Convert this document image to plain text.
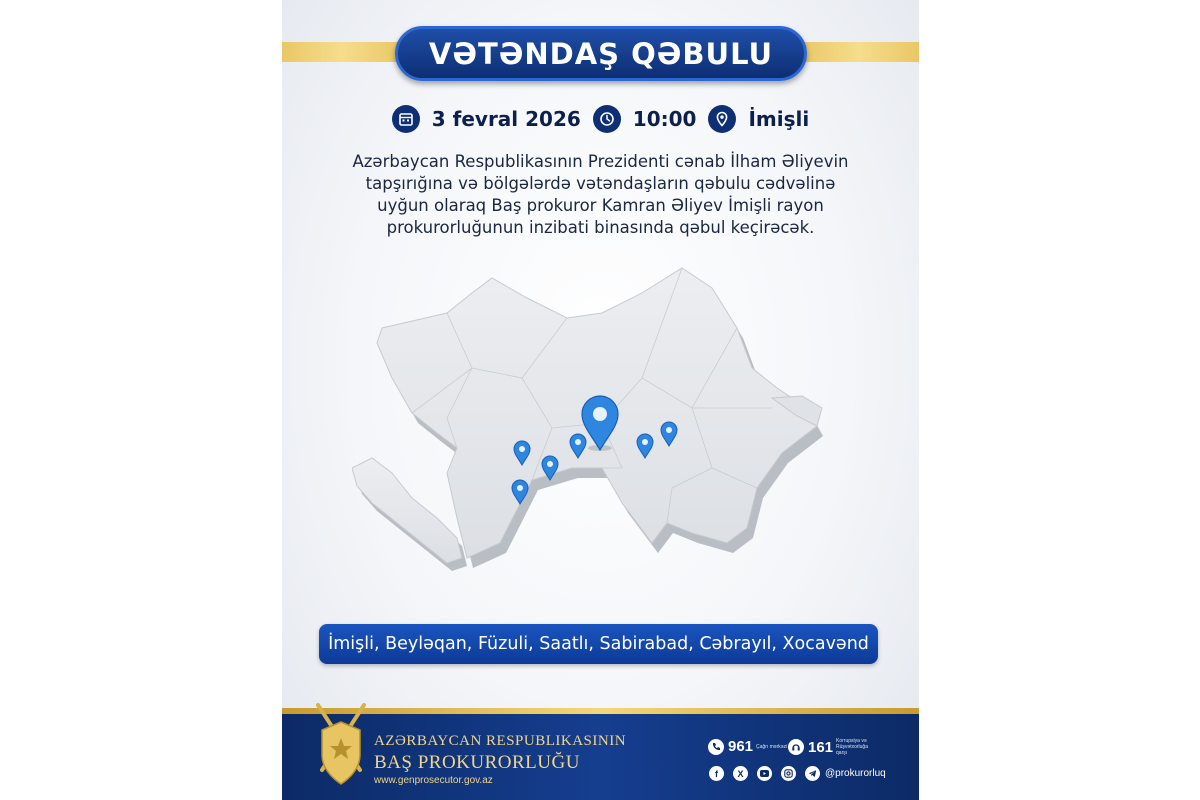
VƏTƏNDAŞ QƏBULU
3 fevral 2026	10:00	İmişli
Azərbaycan Respublikasının Prezidenti cənab İlham Əliyevin
tapşırığına və bölgələrdə vətəndaşların qəbulu cədvəlinə
uyğun olaraq Baş prokuror Kamran Əliyev İmişli rayon
prokurorluğunun inzibati binasında qəbul keçirəcək.
İmişli, Beyləqan, Füzuli, Saatlı, Sabirabad, Cəbrayıl, Xocavənd
AZƏRBAYCAN RESPUBLIKASININ
BAŞ PROKURORLUĞU
www.genprosecutor.gov.az
961 Çağrı mərkəzi	161 Korrupsiya və Rüşvətxorluğa qarşı
f	X	@prokurorluq
